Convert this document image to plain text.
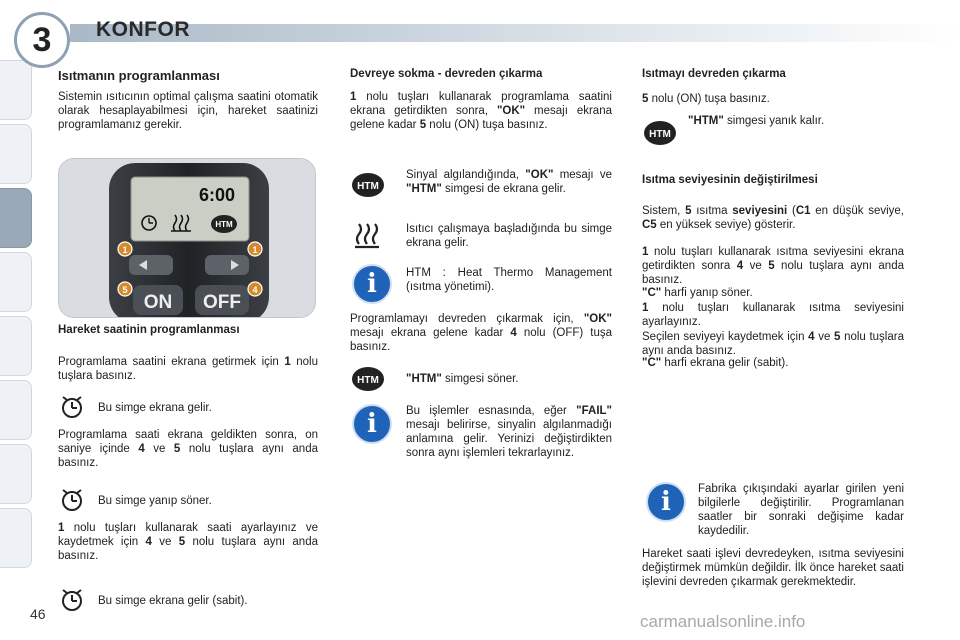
3	KONFOR
Isıtmanın programlanması

Sistemin ısıtıcının optimal çalışma saatini otomatik olarak hesaplayabilmesi için, hareket saatinizi programlamanız gerekir.

6:00
HTM
1	1
ON OFF
5	4
Hareket saatinin programlanması

Programlama saatini ekrana getirmek için 1 nolu tuşlara basınız.

Bu simge ekrana gelir.

Programlama saati ekrana geldikten sonra, on saniye içinde 4 ve 5 nolu tuşlara aynı anda basınız.

Bu simge yanıp söner.

1 nolu tuşları kullanarak saati ayarlayınız ve kaydetmek için 4 ve 5 nolu tuşlara aynı anda basınız.

Bu simge ekrana gelir (sabit).
Devreye sokma - devreden çıkarma

1 nolu tuşları kullanarak programlama saatini ekrana getirdikten sonra, "OK" mesajı ekrana gelene kadar 5 nolu (ON) tuşa basınız.

HTM

Sinyal algılandığında, "OK" mesajı ve "HTM" simgesi de ekrana gelir.

Isıtıcı çalışmaya başladığında bu simge ekrana gelir.

i	HTM : Heat Thermo Management (ısıtma yönetimi).

Programlamayı devreden çıkarmak için, "OK" mesajı ekrana gelene kadar 4 nolu (OFF) tuşa basınız.

HTM "HTM" simgesi söner.

i	Bu işlemler esnasında, eğer "FAIL" mesajı belirirse, sinyalin algılanmadığı anlamına gelir. Yerinizi değiştirdikten sonra aynı işlemleri tekrarlayınız.

Isıtmayı devreden çıkarma

5 nolu (ON) tuşa basınız.

HTM

"HTM" simgesi yanık kalır.

Isıtma seviyesinin değiştirilmesi

Sistem, 5 ısıtma seviyesini (C1 en düşük seviye, C5 en yüksek seviye) gösterir.

1 nolu tuşları kullanarak ısıtma seviyesini ekrana getirdikten sonra 4 ve 5 nolu tuşlara aynı anda basınız.

"C" harfi yanıp söner.

1 nolu tuşları kullanarak ısıtma seviyesini ayarlayınız.

Seçilen seviyeyi kaydetmek için 4 ve 5 nolu tuşlara aynı anda basınız.

"C" harfi ekrana gelir (sabit).

i	Fabrika çıkışındaki ayarlar girilen yeni bilgilerle değiştirilir. Programlanan saatler bir sonraki değişime kadar kaydedilir.

Hareket saati işlevi devredeyken, ısıtma seviyesini değiştirmek mümkün değildir. İlk önce hareket saati işlevini devreden çıkarmak gerekmektedir.

46	carmanualsonline.info
